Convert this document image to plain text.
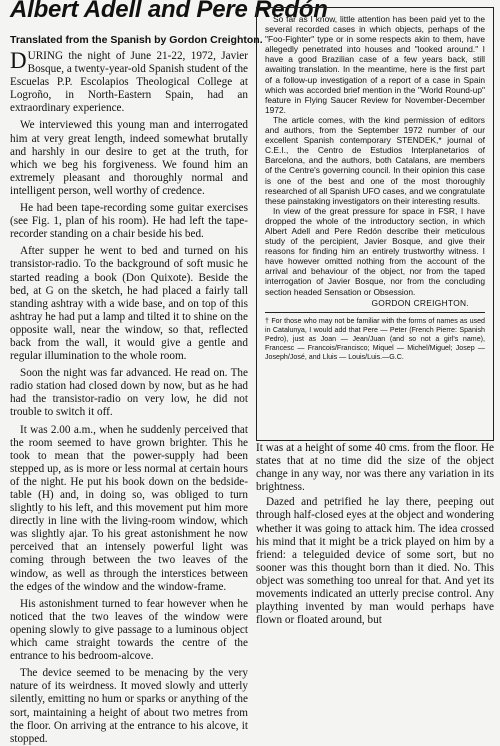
Albert Adell and Pere Redón
Translated from the Spanish by Gordon Creighton.

DURING the night of June 21-22, 1972, Javier Bosque, a twenty-year-old Spanish student of the Escuelas P.P. Escolapios Theological College at Logroño, in North-Eastern Spain, had an extraordinary experience.

We interviewed this young man and interrogated him at very great length, indeed somewhat brutally and harshly in our desire to get at the truth, for which we beg his forgiveness. We found him an extremely pleasant and thoroughly normal and intelligent person, well worthy of credence.

He had been tape-recording some guitar exercises (see Fig. 1, plan of his room). He had left the tape-recorder standing on a chair beside his bed.

After supper he went to bed and turned on his transistor-radio. To the background of soft music he started reading a book (Don Quixote). Beside the bed, at G on the sketch, he had placed a fairly tall standing ashtray with a wide base, and on top of this ashtray he had put a lamp and tilted it to shine on the opposite wall, near the window, so that, reflected back from the wall, it would give a gentle and regular illumination to the whole room.

Soon the night was far advanced. He read on. The radio station had closed down by now, but as he had had the transistor-radio on very low, he did not trouble to switch it off.

It was 2.00 a.m., when he suddenly perceived that the room seemed to have grown brighter. This he took to mean that the power-supply had been stepped up, as is more or less normal at certain hours of the night. He put his book down on the bedside-table (H) and, in doing so, was obliged to turn slightly to his left, and this movement put him more directly in line with the living-room window, which was slightly ajar. To his great astonishment he now perceived that an intensely powerful light was coming through between the two leaves of the window, as well as through the interstices between the edges of the window and the window-frame.

His astonishment turned to fear however when he noticed that the two leaves of the window were opening slowly to give passage to a luminous object which came straight towards the centre of the entrance to his bedroom-alcove.

The device seemed to be menacing by the very nature of its weirdness. It moved slowly and utterly silently, emitting no hum or sparks or anything of the sort, maintaining a height of about two metres from the floor. On arriving at the entrance to his alcove, it stopped.

So far as I know, little attention has been paid yet to the several recorded cases in which objects, perhaps of the "Foo-Fighter" type or in some respects akin to them, have allegedly penetrated into houses and "looked around." I have a good Brazilian case of a few years back, still awaiting translation. In the meantime, here is the first part of a follow-up investigation of a report of a case in Spain which was accorded brief mention in the "World Round-up" feature in Flying Saucer Review for November-December 1972.

The article comes, with the kind permission of editors and authors, from the September 1972 number of our excellent Spanish contemporary STENDEK,* journal of C.E.I., the Centro de Estudios Interplanetarios of Barcelona, and the authors, both Catalans, are members of the Centre's governing council. In their opinion this case is one of the best and one of the most thoroughly researched of all Spanish UFO cases, and we congratulate these painstaking investigators on their interesting results.

In view of the great pressure for space in FSR, I have dropped the whole of the introductory section, in which Albert Adell and Pere Redón describe their meticulous study of the percipient, Javier Bosque, and give their reasons for finding him an entirely trustworthy witness. I have however omitted nothing from the account of the arrival and behaviour of the object, nor from the taped interrogation of Javier Bosque, nor from the concluding section headed Sensation or Obsession.

GORDON CREIGHTON.
† For those who may not be familiar with the forms of names as used in Catalunya, I would add that Pere — Peter (French Pierre: Spanish Pedro), just as Joan — Jean/Juan (and so not a girl's name), Francesc — Francois/Francisco; Miquel — Michel/Miguel; Josep — Joseph/José, and Lluis — Louis/Luis.—G.C.

It was at a height of some 40 cms. from the floor. He states that at no time did the size of the object change in any way, nor was there any variation in its brightness.

Dazed and petrified he lay there, peeping out through half-closed eyes at the object and wondering whether it was going to attack him. The idea crossed his mind that it might be a trick played on him by a friend: a teleguided device of some sort, but no sooner was this thought born than it died. No. This object was something too unreal for that. And yet its movements indicated an utterly precise control. Any plaything invented by man would perhaps have flown or floated around, but
